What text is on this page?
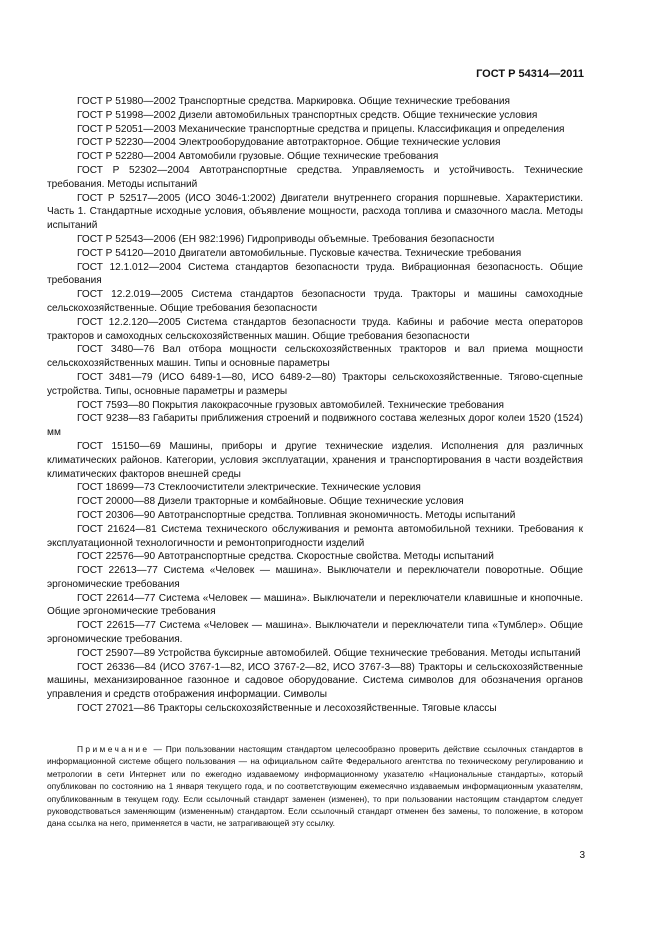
ГОСТ Р 54314—2011

ГОСТ Р 51980—2002 Транспортные средства. Маркировка. Общие технические требования

ГОСТ Р 51998—2002 Дизели автомобильных транспортных средств. Общие технические условия

ГОСТ Р 52051—2003 Механические транспортные средства и прицепы. Классификация и определения

ГОСТ Р 52230—2004 Электрооборудование автотракторное. Общие технические условия

ГОСТ Р 52280—2004 Автомобили грузовые. Общие технические требования

ГОСТ Р 52302—2004 Автотранспортные средства. Управляемость и устойчивость. Технические требования. Методы испытаний

ГОСТ Р 52517—2005 (ИСО 3046-1:2002) Двигатели внутреннего сгорания поршневые. Характеристики. Часть 1. Стандартные исходные условия, объявление мощности, расхода топлива и смазочного масла. Методы испытаний

ГОСТ Р 52543—2006 (ЕН 982:1996) Гидроприводы объемные. Требования безопасности

ГОСТ Р 54120—2010 Двигатели автомобильные. Пусковые качества. Технические требования

ГОСТ 12.1.012—2004 Система стандартов безопасности труда. Вибрационная безопасность. Общие требования

ГОСТ 12.2.019—2005 Система стандартов безопасности труда. Тракторы и машины самоходные сельскохозяйственные. Общие требования безопасности

ГОСТ 12.2.120—2005 Система стандартов безопасности труда. Кабины и рабочие места операторов тракторов и самоходных сельскохозяйственных машин. Общие требования безопасности

ГОСТ 3480—76 Вал отбора мощности сельскохозяйственных тракторов и вал приема мощности сельскохозяйственных машин. Типы и основные параметры

ГОСТ 3481—79 (ИСО 6489-1—80, ИСО 6489-2—80) Тракторы сельскохозяйственные. Тягово-сцепные устройства. Типы, основные параметры и размеры

ГОСТ 7593—80 Покрытия лакокрасочные грузовых автомобилей. Технические требования

ГОСТ 9238—83 Габариты приближения строений и подвижного состава железных дорог колеи 1520 (1524) мм

ГОСТ 15150—69 Машины, приборы и другие технические изделия. Исполнения для различных климатических районов. Категории, условия эксплуатации, хранения и транспортирования в части воздействия климатических факторов внешней среды

ГОСТ 18699—73 Стеклоочистители электрические. Технические условия

ГОСТ 20000—88 Дизели тракторные и комбайновые. Общие технические условия

ГОСТ 20306—90 Автотранспортные средства. Топливная экономичность. Методы испытаний

ГОСТ 21624—81 Система технического обслуживания и ремонта автомобильной техники. Требования к эксплуатационной технологичности и ремонтопригодности изделий

ГОСТ 22576—90 Автотранспортные средства. Скоростные свойства. Методы испытаний

ГОСТ 22613—77 Система «Человек — машина». Выключатели и переключатели поворотные. Общие эргономические требования

ГОСТ 22614—77 Система «Человек — машина». Выключатели и переключатели клавишные и кнопочные. Общие эргономические требования

ГОСТ 22615—77 Система «Человек — машина». Выключатели и переключатели типа «Тумблер». Общие эргономические требования.

ГОСТ 25907—89 Устройства буксирные автомобилей. Общие технические требования. Методы испытаний

ГОСТ 26336—84 (ИСО 3767-1—82, ИСО 3767-2—82, ИСО 3767-3—88) Тракторы и сельскохозяйственные машины, механизированное газонное и садовое оборудование. Система символов для обозначения органов управления и средств отображения информации. Символы

ГОСТ 27021—86 Тракторы сельскохозяйственные и лесохозяйственные. Тяговые классы

Примечание — При пользовании настоящим стандартом целесообразно проверить действие ссылочных стандартов в информационной системе общего пользования — на официальном сайте Федерального агентства по техническому регулированию и метрологии в сети Интернет или по ежегодно издаваемому информационному указателю «Национальные стандарты», который опубликован по состоянию на 1 января текущего года, и по соответствующим ежемесячно издаваемым информационным указателям, опубликованным в текущем году. Если ссылочный стандарт заменен (изменен), то при пользовании настоящим стандартом следует руководствоваться заменяющим (измененным) стандартом. Если ссылочный стандарт отменен без замены, то положение, в котором дана ссылка на него, применяется в части, не затрагивающей эту ссылку.

3
